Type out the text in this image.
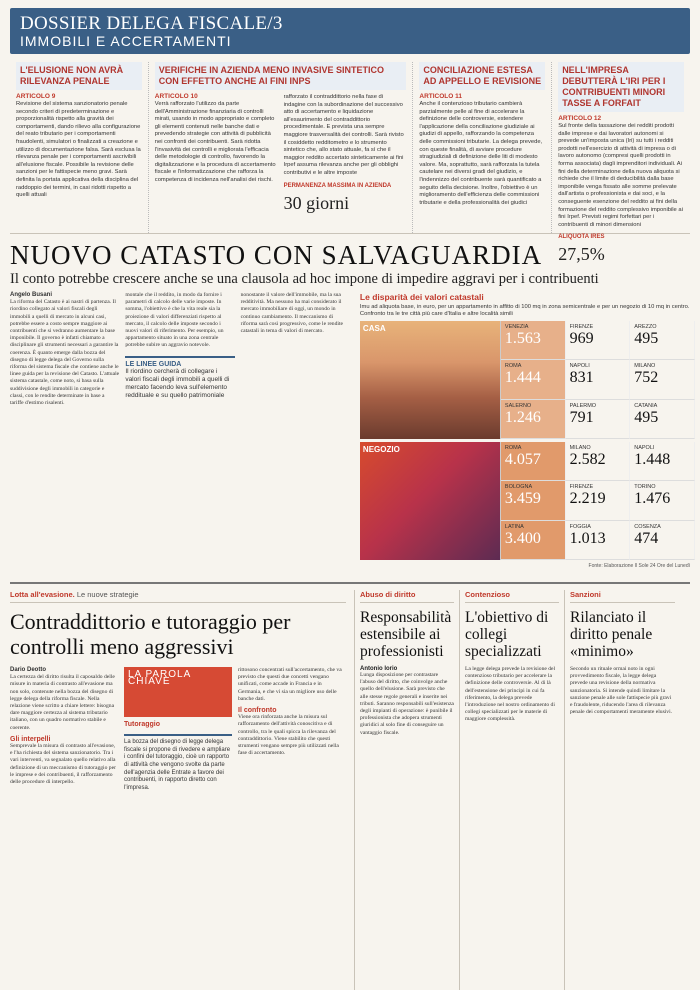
DOSSIER DELEGA FISCALE/3
IMMOBILI E ACCERTAMENTI
L'ELUSIONE NON AVRÀ RILEVANZA PENALE
ARTICOLO 9

Revisione del sistema sanzionatorio penale secondo criteri di predeterminazione e proporzionalità rispetto alla gravità dei comportamenti, dando rilievo alla configurazione del reato tributario per i comportamenti fraudolenti, simulatori o finalizzati a creazione e utilizzo di documentazione falsa. Sarà esclusa la rilevanza penale per i comportamenti ascrivibili all'elusione fiscale. Possibile la revisione delle sanzioni per le fattispecie meno gravi. Sarà definita la portata applicativa della disciplina del raddoppio dei termini, in casi ridotti rispetto a quelli attuali

VERIFICHE IN AZIENDA MENO INVASIVE SINTETICO CON EFFETTO ANCHE AI FINI INPS
ARTICOLO 10

Verrà rafforzato l'utilizzo da parte dell'Amministrazione finanziaria di controlli mirati, usando in modo appropriato e completo gli elementi contenuti nelle banche dati e prevedendo strategie con attività di pubblicità nei confronti dei contribuenti. Sarà ridotta l'invasività dei controlli e migliorata l'efficacia delle metodologie di controllo, favorendo la digitalizzazione e la procedura di accertamento fiscale e l'informatizzazione che rafforza la competenza di incidenza nell'analisi dei rischi.

rafforzato il contraddittorio nella fase di indagine con la subordinazione del successivo atto di accertamento e liquidazione all'esaurimento del contraddittorio procedimentale. E prevista una sempre maggiore trasversalità dei controlli. Sarà rivisto il cosiddetto redditometro e lo strumento sintetico che, allo stato attuale, fa sì che il maggior reddito accertato sinteticamente ai fini Irpef assuma rilevanza anche per gli obblighi contributivi e le altre imposte

PERMANENZA MASSIMA IN AZIENDA
30 giorni
CONCILIAZIONE ESTESA AD APPELLO E REVISIONE
ARTICOLO 11

Anche il contenzioso tributario cambierà parzialmente pelle al fine di accelerare la definizione delle controversie, estendere l'applicazione della conciliazione giudiziale ai giudizi di appello, rafforzando la competenza delle commissioni tributarie. La delega prevede, con queste finalità, di avviare procedure stragiudiziali di definizione delle liti di modesto valore. Ma, soprattutto, sarà rafforzata la tutela cautelare nei diversi gradi del giudizio, e l'indennizzo del contribuente sarà quantificato a seguito della decisione. Inoltre, l'obiettivo è un miglioramento dell'efficienza delle commissioni tributarie e della professionalità dei giudici

NELL'IMPRESA DEBUTTERÀ L'IRI PER I CONTRIBUENTI MINORI TASSE A FORFAIT
ARTICOLO 12

Sul fronte della tassazione dei redditi prodotti dalle imprese e dai lavoratori autonomi si prevede un'imposta unica (Iri) su tutti i redditi prodotti nell'esercizio di attività di impresa o di lavoro autonomo (compresi quelli prodotti in forma associata) dagli imprenditori individuali. Ai fini della determinazione della nuova aliquota si richiede che il limite di deducibilità dalla base imponibile venga fissato alle somme prelevate dall'artista o professionista e dai soci, e la conseguente esenzione del reddito ai fini della formazione del reddito complessivo imponibile ai fini Irpef. Previsti regimi forfettari per i contribuenti di minori dimensioni

ALIQUOTA IRES
27,5%
NUOVO CATASTO CON SALVAGUARDIA
Il conto potrebbe crescere anche se una clausola ad hoc impone di impedire aggravi per i contribuenti
Angelo Busani
La riforma del Catasto è ai nastri di partenza. Il riordino collegato ai valori fiscali degli immobili a quelli di mercato in alcuni casi, potrebbe essere a costo sempre maggiore ai contribuenti che si vedranno aumentare la base imponibile. Il governo è infatti chiamato a disciplinare gli strumenti necessari a garantire la coerenza. È quanto emerge dalla bozza del disegno di legge delega del Governo sulla riforma del sistema fiscale che contiene anche le linee guida per la revisione del Catasto. L'attuale sistema catastale, come noto, si basa sulla suddivisione degli immobili in categorie e classi, con le rendite determinate in base a tariffe d'estimo risalenti.
montale che il reddito, in modo da fornire i parametri di calcolo delle varie imposte. In somma, l'obiettivo è che la vita reale sia la proiezione di valori differenziati rispetto al mercato, il calcolo delle imposte secondo i nuovi valori di riferimento. Per esempio, un appartamento situato in una zona centrale potrebbe subire un aggravio notevole.
LE LINEE GUIDA

Il riordino cercherà di collegare i valori fiscali degli immobili a quelli di mercato facendo leva sull'elemento reddituale e su quello patrimoniale

nonostante il valore dell'immobile, ma la sua redditività. Ma nessuno ha mai considerato il mercato immobiliare di oggi, un mondo in continuo cambiamento. Il meccanismo di riforma sarà così progressivo, come le rendite catastali in tema di valori di mercato.
Le disparità dei valori catastali
Imu ad aliquota base, in euro, per un appartamento in affitto di 100 mq in zona semicentrale e per un negozio di 10 mq in centro. Confronto tra le tre città più care d'Italia e altre località simili
CASA	VENEZIA
1.563
FIRENZE
969
AREZZO
495
ROMA
1.444
NAPOLI
831
MILANO
752
SALERNO
1.246
PALERMO
791
CATANIA
495
NEGOZIO	ROMA
4.057
MILANO
2.582
NAPOLI
1.448
BOLOGNA
3.459
FIRENZE
2.219
TORINO
1.476
LATINA
3.400
FOGGIA
1.013
COSENZA
474
Fonte: Elaborazione Il Sole 24 Ore del Lunedì
Lotta all'evasione. Le nuove strategie
Contraddittorio e tutoraggio per controlli meno aggressivi
Dario Deotto
La certezza del diritto risulta il caposaldo delle misure in materia di contrasto all'evasione ma non solo, contenute nella bozza del disegno di legge delega della riforma fiscale. Nella relazione viene scritto a chiare lettere: bisogna dare maggiore certezza al sistema tributario italiano, con un quadro normativo stabile e coerente.
Gli interpelli
Semprevale la misura di contrasto all'evasione, e l'ha richiesta del sistema sanzionatorio. Tra i vari interventi, va segnalato quello relativo alla definizione di un meccanismo di tutoraggio per le imprese e dei contribuenti, il rafforzamento delle procedure di interpello.
LA PAROLA CHIAVE
Tutoraggio
La bozza del disegno di legge delega fiscale si propone di rivedere e ampliare i confini del tutoraggio, cioè un rapporto di attività che vengono svolte da parte dell'agenzia delle Entrate a favore dei contribuenti, in rapporto diretto con l'impresa.
rittosono concentrati sull'accertamento, che va previsto che questi due concetti vengano unificati, come accade in Francia e in Germania, e che vi sia un migliore uso delle banche dati.
Il confronto
Viene ora rinforzata anche la misura sul rafforzamento dell'attività conoscitiva e di controllo, tra le quali spicca la rilevanza del contraddittorio. Viene stabilito che questi strumenti vengano sempre più utilizzati nella fase di accertamento.
Abuso di diritto
Responsabilità estensibile ai professionisti
Antonio Iorio
Lunga disposizione per contrastare l'abuso del diritto, che coinvolge anche quello dell'elusione. Sarà previsto che alle stesse regole generali e inserite nei tributi. Saranno responsabili sull'esistenza degli impianti di operazione: è punibile il professionista che adopera strumenti giuridici al solo fine di conseguire un vantaggio fiscale.
Contenzioso
L'obiettivo di collegi specializzati
La legge delega prevede la revisione del contenzioso tributario per accelerare la definizione delle controversie. Al di là dell'estensione dei principi in cui fa riferimento, la delega prevede l'introduzione nel nostro ordinamento di collegi specializzati per le materie di maggiore complessità.
Sanzioni
Rilanciato il diritto penale «minimo»
Secondo un rituale ormai noto in ogni provvedimento fiscale, la legge delega prevede una revisione della normativa sanzionatoria. Si intende quindi limitare la sanzione penale alle sole fattispecie più gravi e fraudolente, riducendo l'area di rilevanza penale dei comportamenti meramente elusivi.
